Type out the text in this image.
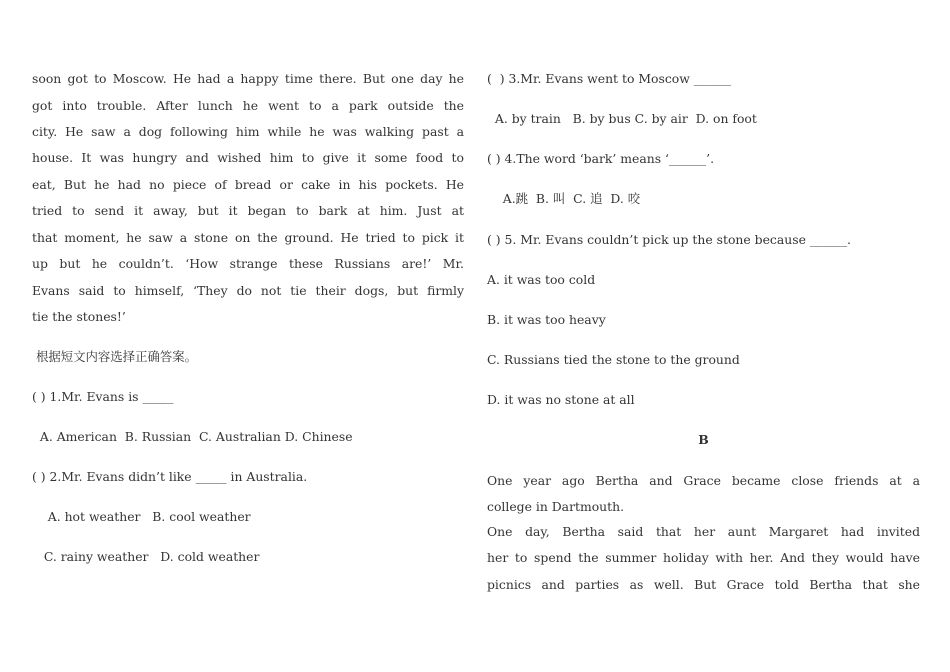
soon got to Moscow. He had a happy time there. But one day he
got into trouble. After lunch he went to a park outside the
city. He saw a dog following him while he was walking past a
house. It was hungry and wished him to give it some food to
eat, But he had no piece of bread or cake in his pockets. He
tried to send it away, but it began to bark at him. Just at
that moment, he saw a stone on the ground. He tried to pick it
up but he couldn’t. ‘How strange these Russians are!’ Mr.
Evans said to himself, ‘They do not tie their dogs, but firmly
tie the stones!’
根据短文内容选择正确答案。
( ) 1.Mr. Evans is _____
A. American  B. Russian  C. Australian D. Chinese
( ) 2.Mr. Evans didn’t like _____ in Australia.
A. hot weather   B. cool weather
C. rainy weather   D. cold weather
(  ) 3.Mr. Evans went to Moscow ______
A. by train   B. by bus C. by air  D. on foot
( ) 4.The word ‘bark’ means ‘______’.
A.跳  B. 叫  C. 追  D. 咬
( ) 5. Mr. Evans couldn’t pick up the stone because ______.
A. it was too cold
B. it was too heavy
C. Russians tied the stone to the ground
D. it was no stone at all
B
One year ago Bertha and Grace became close friends at a
college in Dartmouth.
One day, Bertha said that her aunt Margaret had invited
her to spend the summer holiday with her. And they would have
picnics and parties as well. But Grace told Bertha that she
